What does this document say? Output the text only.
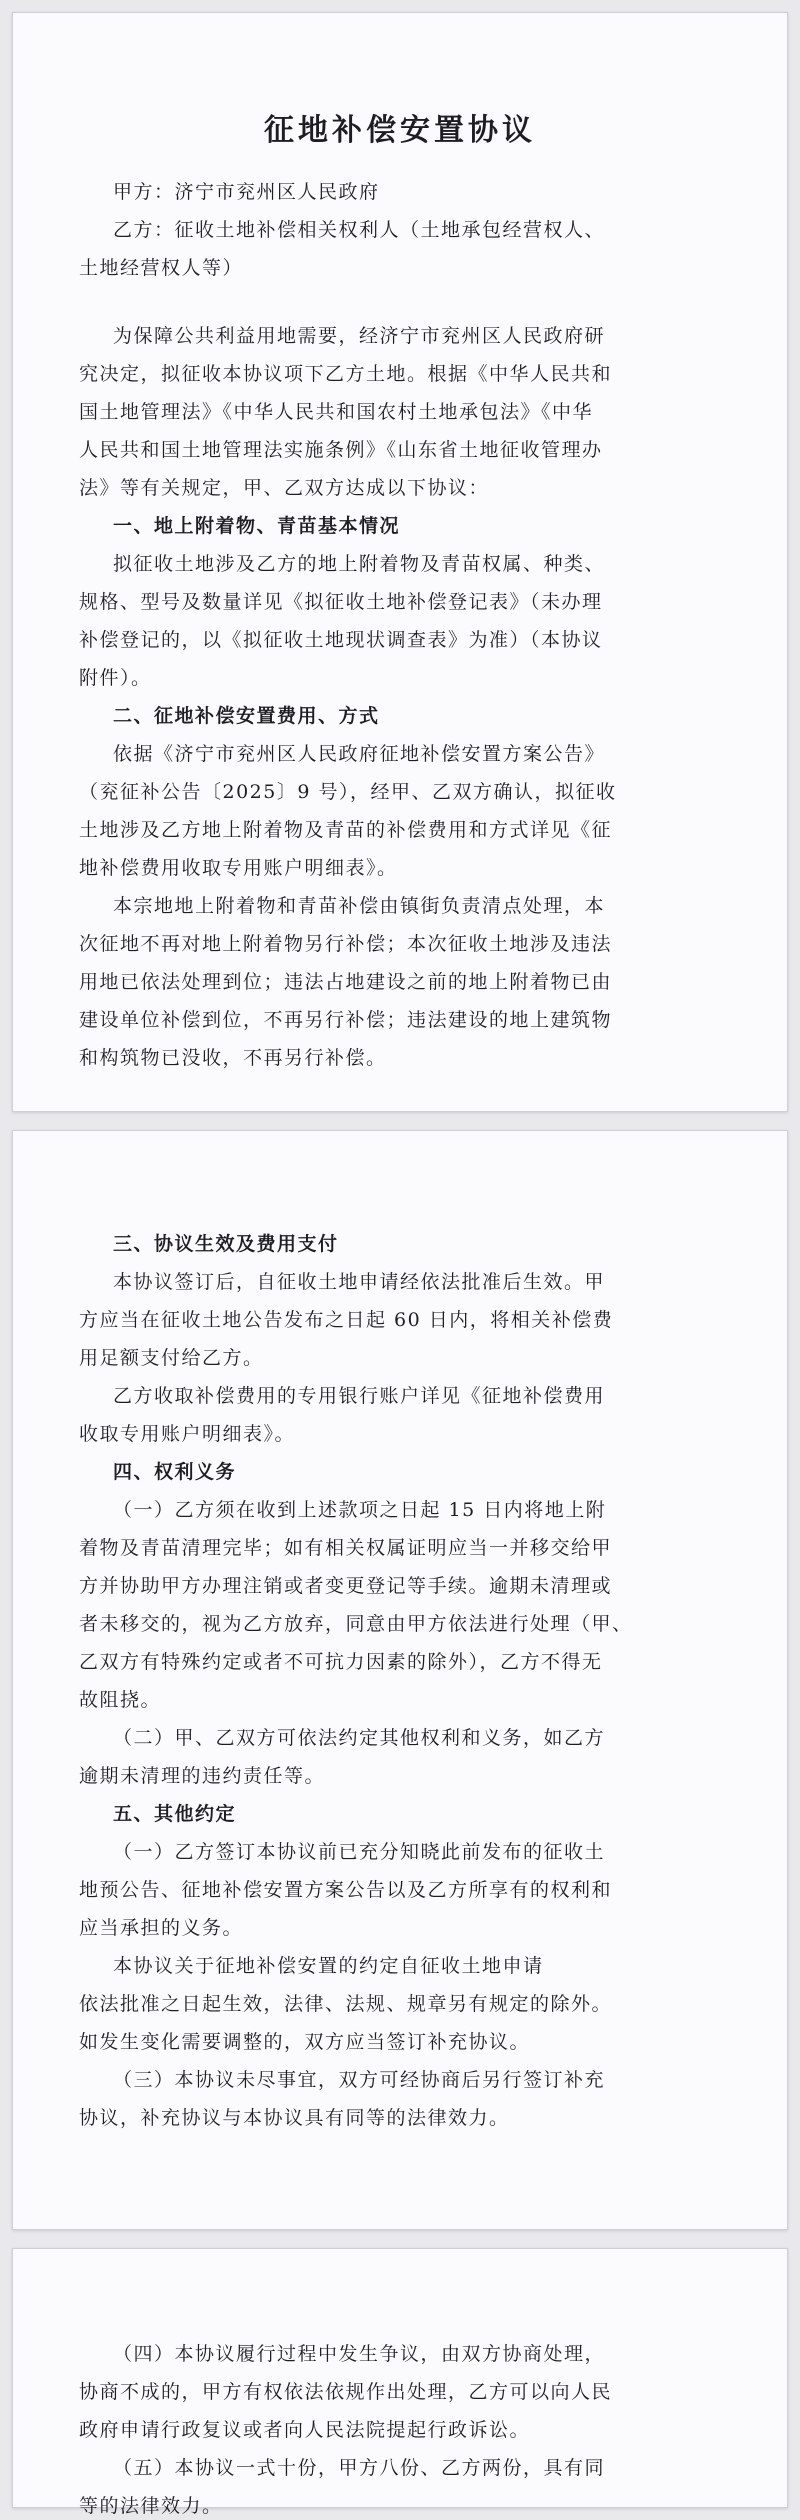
征地补偿安置协议
甲方：济宁市兖州区人民政府
乙方：征收土地补偿相关权利人（土地承包经营权人、
土地经营权人等）
为保障公共利益用地需要，经济宁市兖州区人民政府研
究决定，拟征收本协议项下乙方土地。根据《中华人民共和
国土地管理法》《中华人民共和国农村土地承包法》《中华
人民共和国土地管理法实施条例》《山东省土地征收管理办
法》等有关规定，甲、乙双方达成以下协议：
一、地上附着物、青苗基本情况
拟征收土地涉及乙方的地上附着物及青苗权属、种类、
规格、型号及数量详见《拟征收土地补偿登记表》（未办理
补偿登记的，以《拟征收土地现状调查表》为准）（本协议
附件）。
二、征地补偿安置费用、方式
依据《济宁市兖州区人民政府征地补偿安置方案公告》
（兖征补公告〔2025〕9 号），经甲、乙双方确认，拟征收
土地涉及乙方地上附着物及青苗的补偿费用和方式详见《征
地补偿费用收取专用账户明细表》。
本宗地地上附着物和青苗补偿由镇街负责清点处理，本
次征地不再对地上附着物另行补偿；本次征收土地涉及违法
用地已依法处理到位；违法占地建设之前的地上附着物已由
建设单位补偿到位，不再另行补偿；违法建设的地上建筑物
和构筑物已没收，不再另行补偿。
三、协议生效及费用支付
本协议签订后，自征收土地申请经依法批准后生效。甲
方应当在征收土地公告发布之日起 60 日内，将相关补偿费
用足额支付给乙方。
乙方收取补偿费用的专用银行账户详见《征地补偿费用
收取专用账户明细表》。
四、权利义务
（一）乙方须在收到上述款项之日起 15 日内将地上附
着物及青苗清理完毕；如有相关权属证明应当一并移交给甲
方并协助甲方办理注销或者变更登记等手续。逾期未清理或
者未移交的，视为乙方放弃，同意由甲方依法进行处理（甲、
乙双方有特殊约定或者不可抗力因素的除外），乙方不得无
故阻挠。
（二）甲、乙双方可依法约定其他权利和义务，如乙方
逾期未清理的违约责任等。
五、其他约定
（一）乙方签订本协议前已充分知晓此前发布的征收土
地预公告、征地补偿安置方案公告以及乙方所享有的权利和
应当承担的义务。
本协议关于征地补偿安置的约定自征收土地申请
依法批准之日起生效，法律、法规、规章另有规定的除外。
如发生变化需要调整的，双方应当签订补充协议。
（三）本协议未尽事宜，双方可经协商后另行签订补充
协议，补充协议与本协议具有同等的法律效力。
（四）本协议履行过程中发生争议，由双方协商处理，
协商不成的，甲方有权依法依规作出处理，乙方可以向人民
政府申请行政复议或者向人民法院提起行政诉讼。
（五）本协议一式十份，甲方八份、乙方两份，具有同
等的法律效力。
